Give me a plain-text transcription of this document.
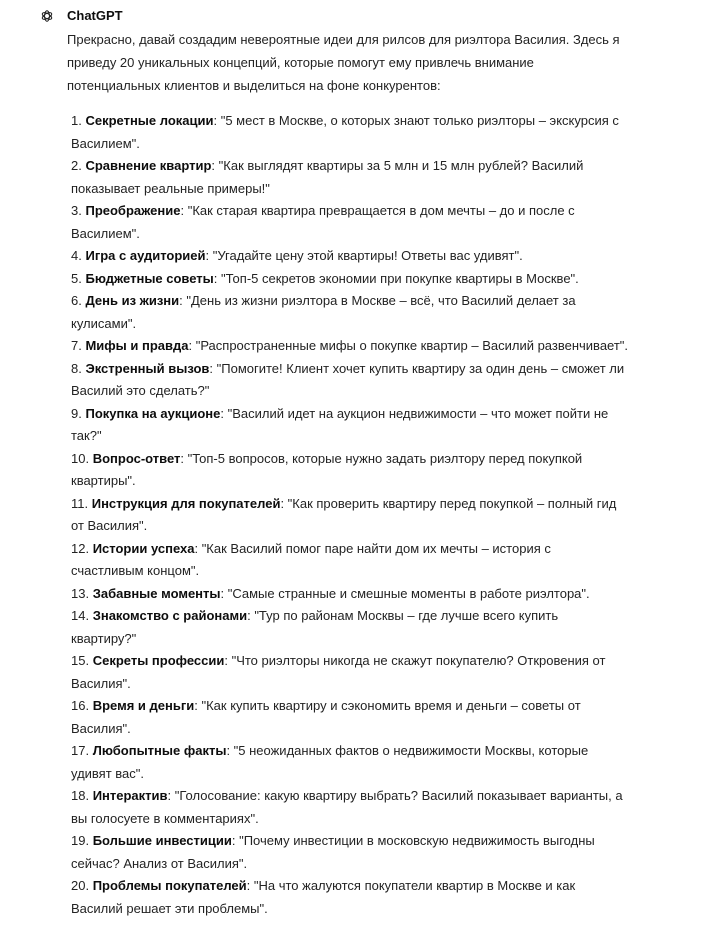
ChatGPT
Прекрасно, давай создадим невероятные идеи для рилсов для риэлтора Василия. Здесь я
приведу 20 уникальных концепций, которые помогут ему привлечь внимание
потенциальных клиентов и выделиться на фоне конкурентов:
1. Секретные локации: "5 мест в Москве, о которых знают только риэлторы – экскурсия с
Василием".
2. Сравнение квартир: "Как выглядят квартиры за 5 млн и 15 млн рублей? Василий
показывает реальные примеры!"
3. Преображение: "Как старая квартира превращается в дом мечты – до и после с
Василием".
4. Игра с аудиторией: "Угадайте цену этой квартиры! Ответы вас удивят".
5. Бюджетные советы: "Топ-5 секретов экономии при покупке квартиры в Москве".
6. День из жизни: "День из жизни риэлтора в Москве – всё, что Василий делает за
кулисами".
7. Мифы и правда: "Распространенные мифы о покупке квартир – Василий развенчивает".
8. Экстренный вызов: "Помогите! Клиент хочет купить квартиру за один день – сможет ли
Василий это сделать?"
9. Покупка на аукционе: "Василий идет на аукцион недвижимости – что может пойти не
так?"
10. Вопрос-ответ: "Топ-5 вопросов, которые нужно задать риэлтору перед покупкой
квартиры".
11. Инструкция для покупателей: "Как проверить квартиру перед покупкой – полный гид
от Василия".
12. Истории успеха: "Как Василий помог паре найти дом их мечты – история с
счастливым концом".
13. Забавные моменты: "Самые странные и смешные моменты в работе риэлтора".
14. Знакомство с районами: "Тур по районам Москвы – где лучше всего купить
квартиру?"
15. Секреты профессии: "Что риэлторы никогда не скажут покупателю? Откровения от
Василия".
16. Время и деньги: "Как купить квартиру и сэкономить время и деньги – советы от
Василия".
17. Любопытные факты: "5 неожиданных фактов о недвижимости Москвы, которые
удивят вас".
18. Интерактив: "Голосование: какую квартиру выбрать? Василий показывает варианты, а
вы голосуете в комментариях".
19. Большие инвестиции: "Почему инвестиции в московскую недвижимость выгодны
сейчас? Анализ от Василия".
20. Проблемы покупателей: "На что жалуются покупатели квартир в Москве и как
Василий решает эти проблемы".
